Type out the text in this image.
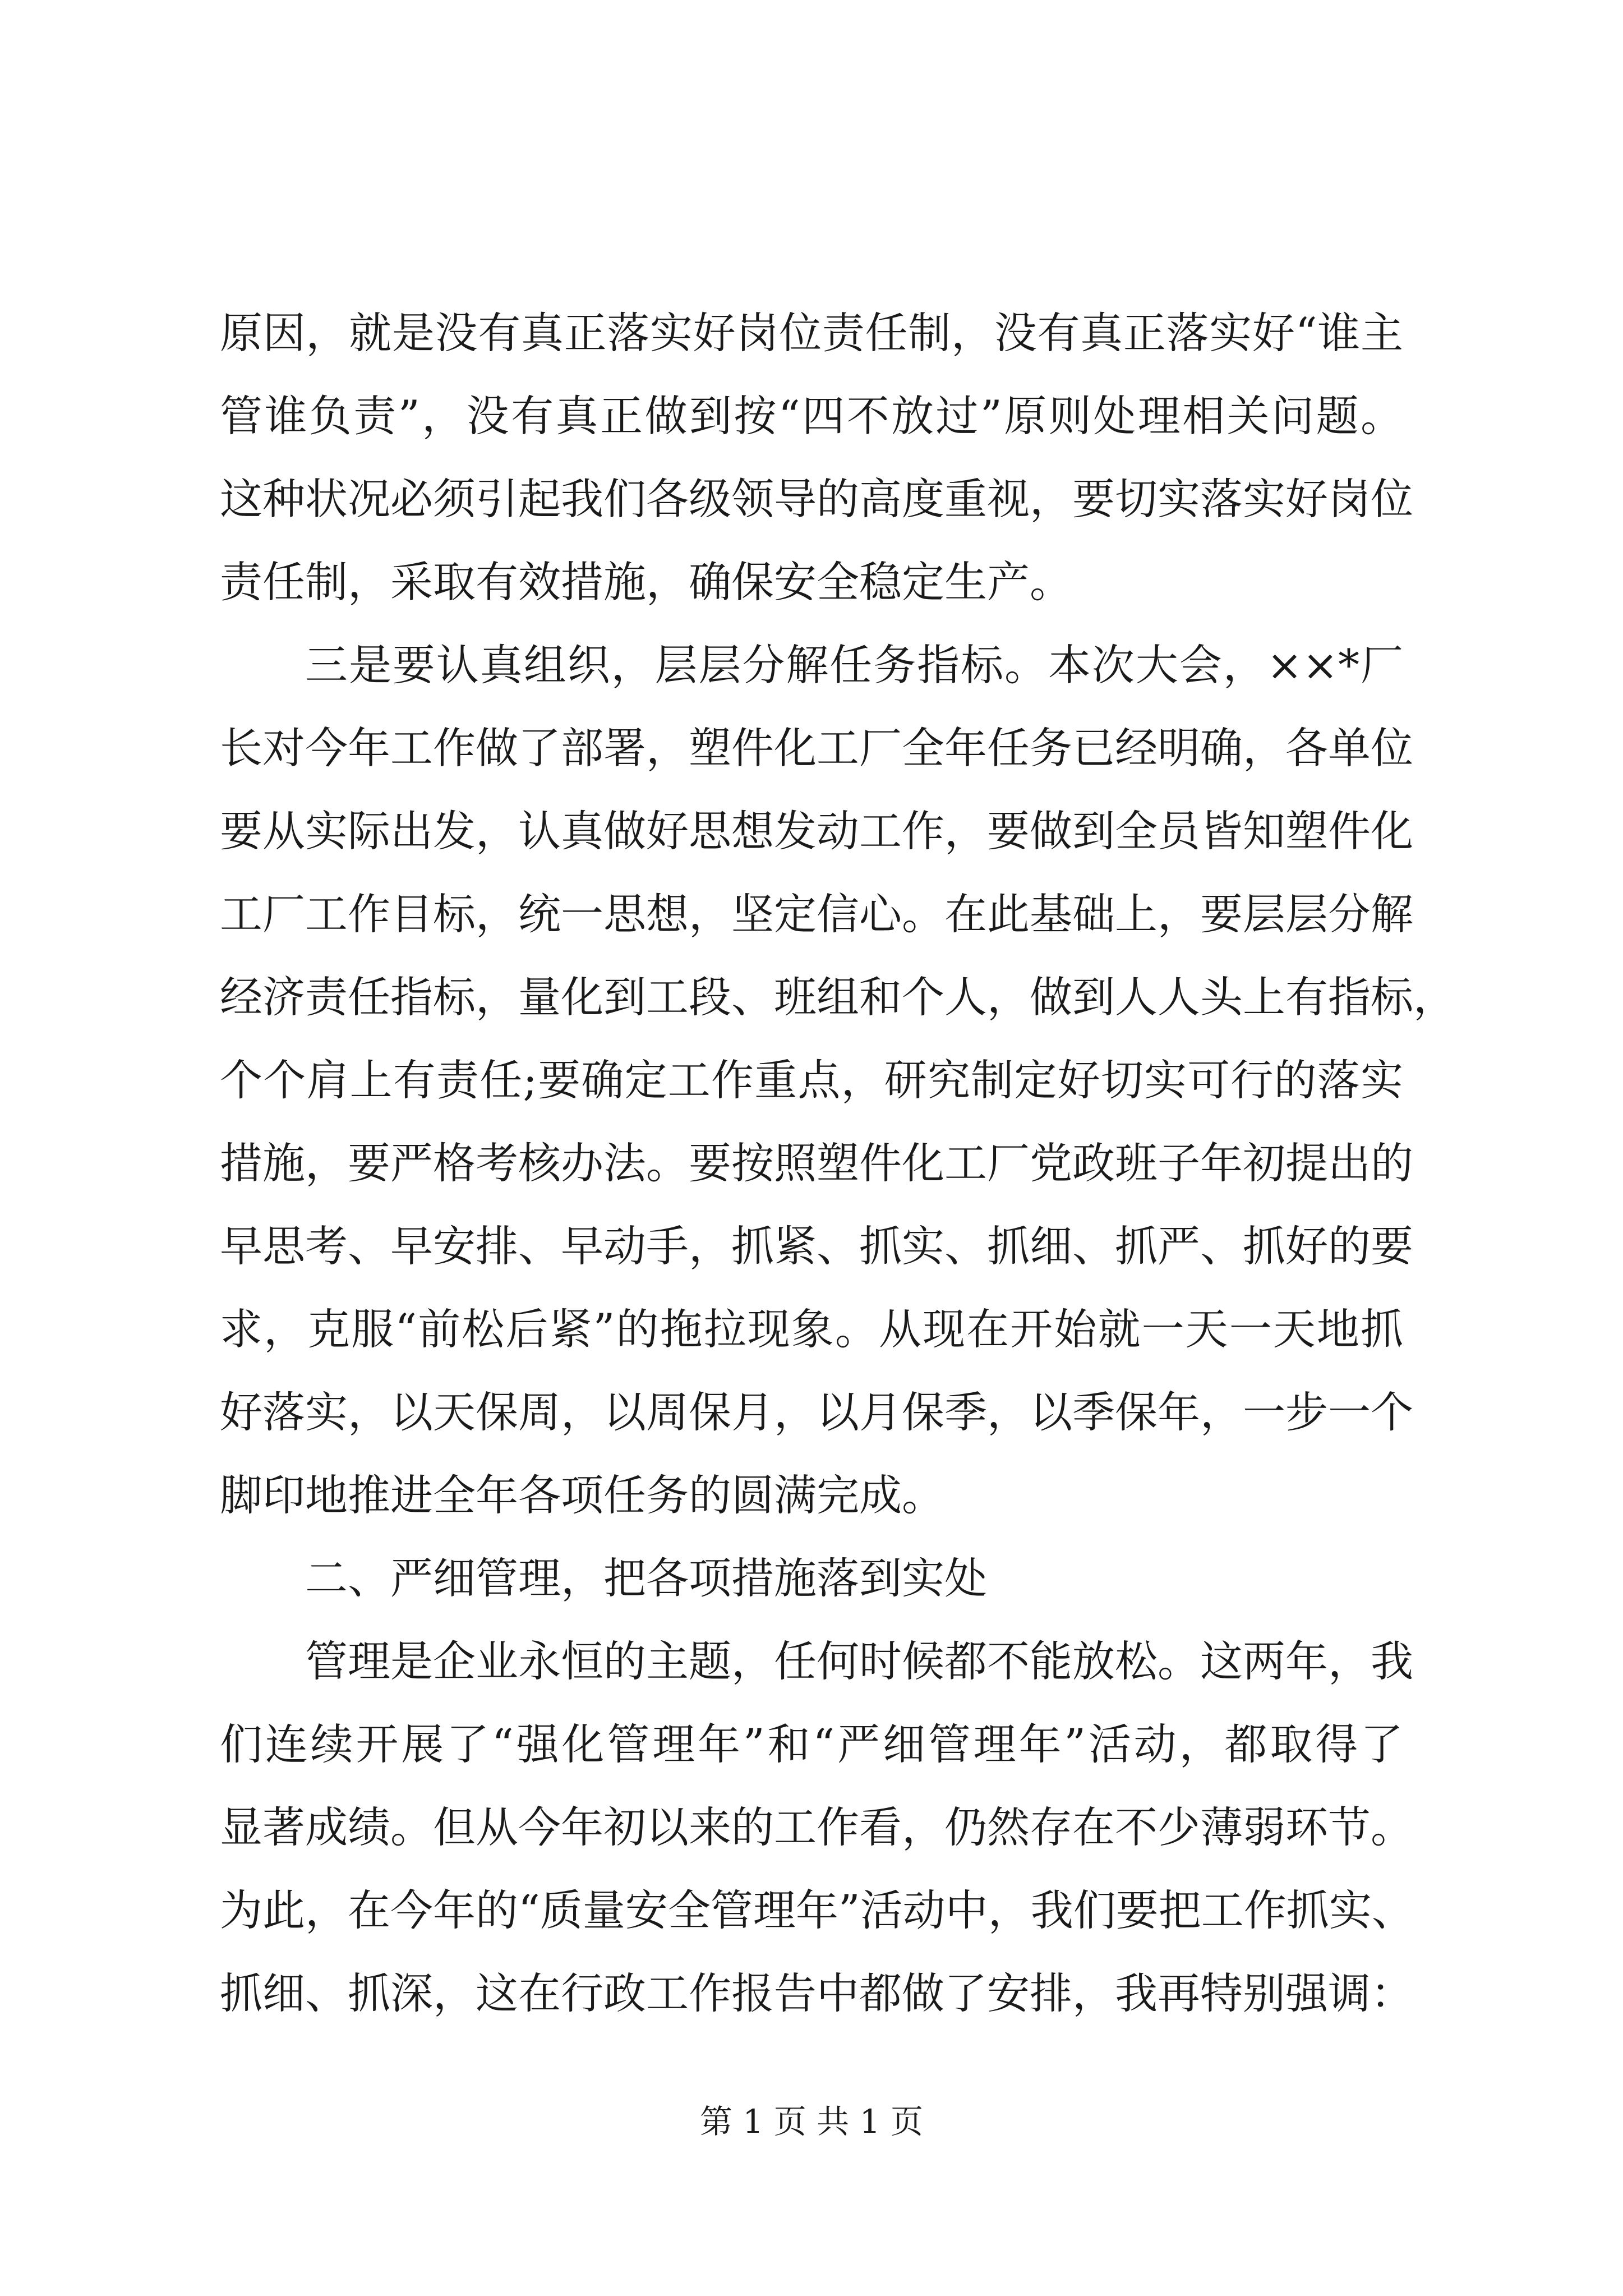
原因，就是没有真正落实好岗位责任制，没有真正落实好“谁主
管谁负责”，没有真正做到按“四不放过”原则处理相关问题。
这种状况必须引起我们各级领导的高度重视，要切实落实好岗位
责任制，采取有效措施，确保安全稳定生产。
三是要认真组织，层层分解任务指标。本次大会，××*厂
长对今年工作做了部署，塑件化工厂全年任务已经明确，各单位
要从实际出发，认真做好思想发动工作，要做到全员皆知塑件化
工厂工作目标，统一思想，坚定信心。在此基础上，要层层分解
经济责任指标，量化到工段、班组和个人，做到人人头上有指标，
个个肩上有责任;要确定工作重点，研究制定好切实可行的落实
措施，要严格考核办法。要按照塑件化工厂党政班子年初提出的
早思考、早安排、早动手，抓紧、抓实、抓细、抓严、抓好的要
求，克服“前松后紧”的拖拉现象。从现在开始就一天一天地抓
好落实，以天保周，以周保月，以月保季，以季保年，一步一个
脚印地推进全年各项任务的圆满完成。
二、严细管理，把各项措施落到实处
管理是企业永恒的主题，任何时候都不能放松。这两年，我
们连续开展了“强化管理年”和“严细管理年”活动，都取得了
显著成绩。但从今年初以来的工作看，仍然存在不少薄弱环节。
为此，在今年的“质量安全管理年”活动中，我们要把工作抓实、
抓细、抓深，这在行政工作报告中都做了安排，我再特别强调：
第 1 页 共 1 页
